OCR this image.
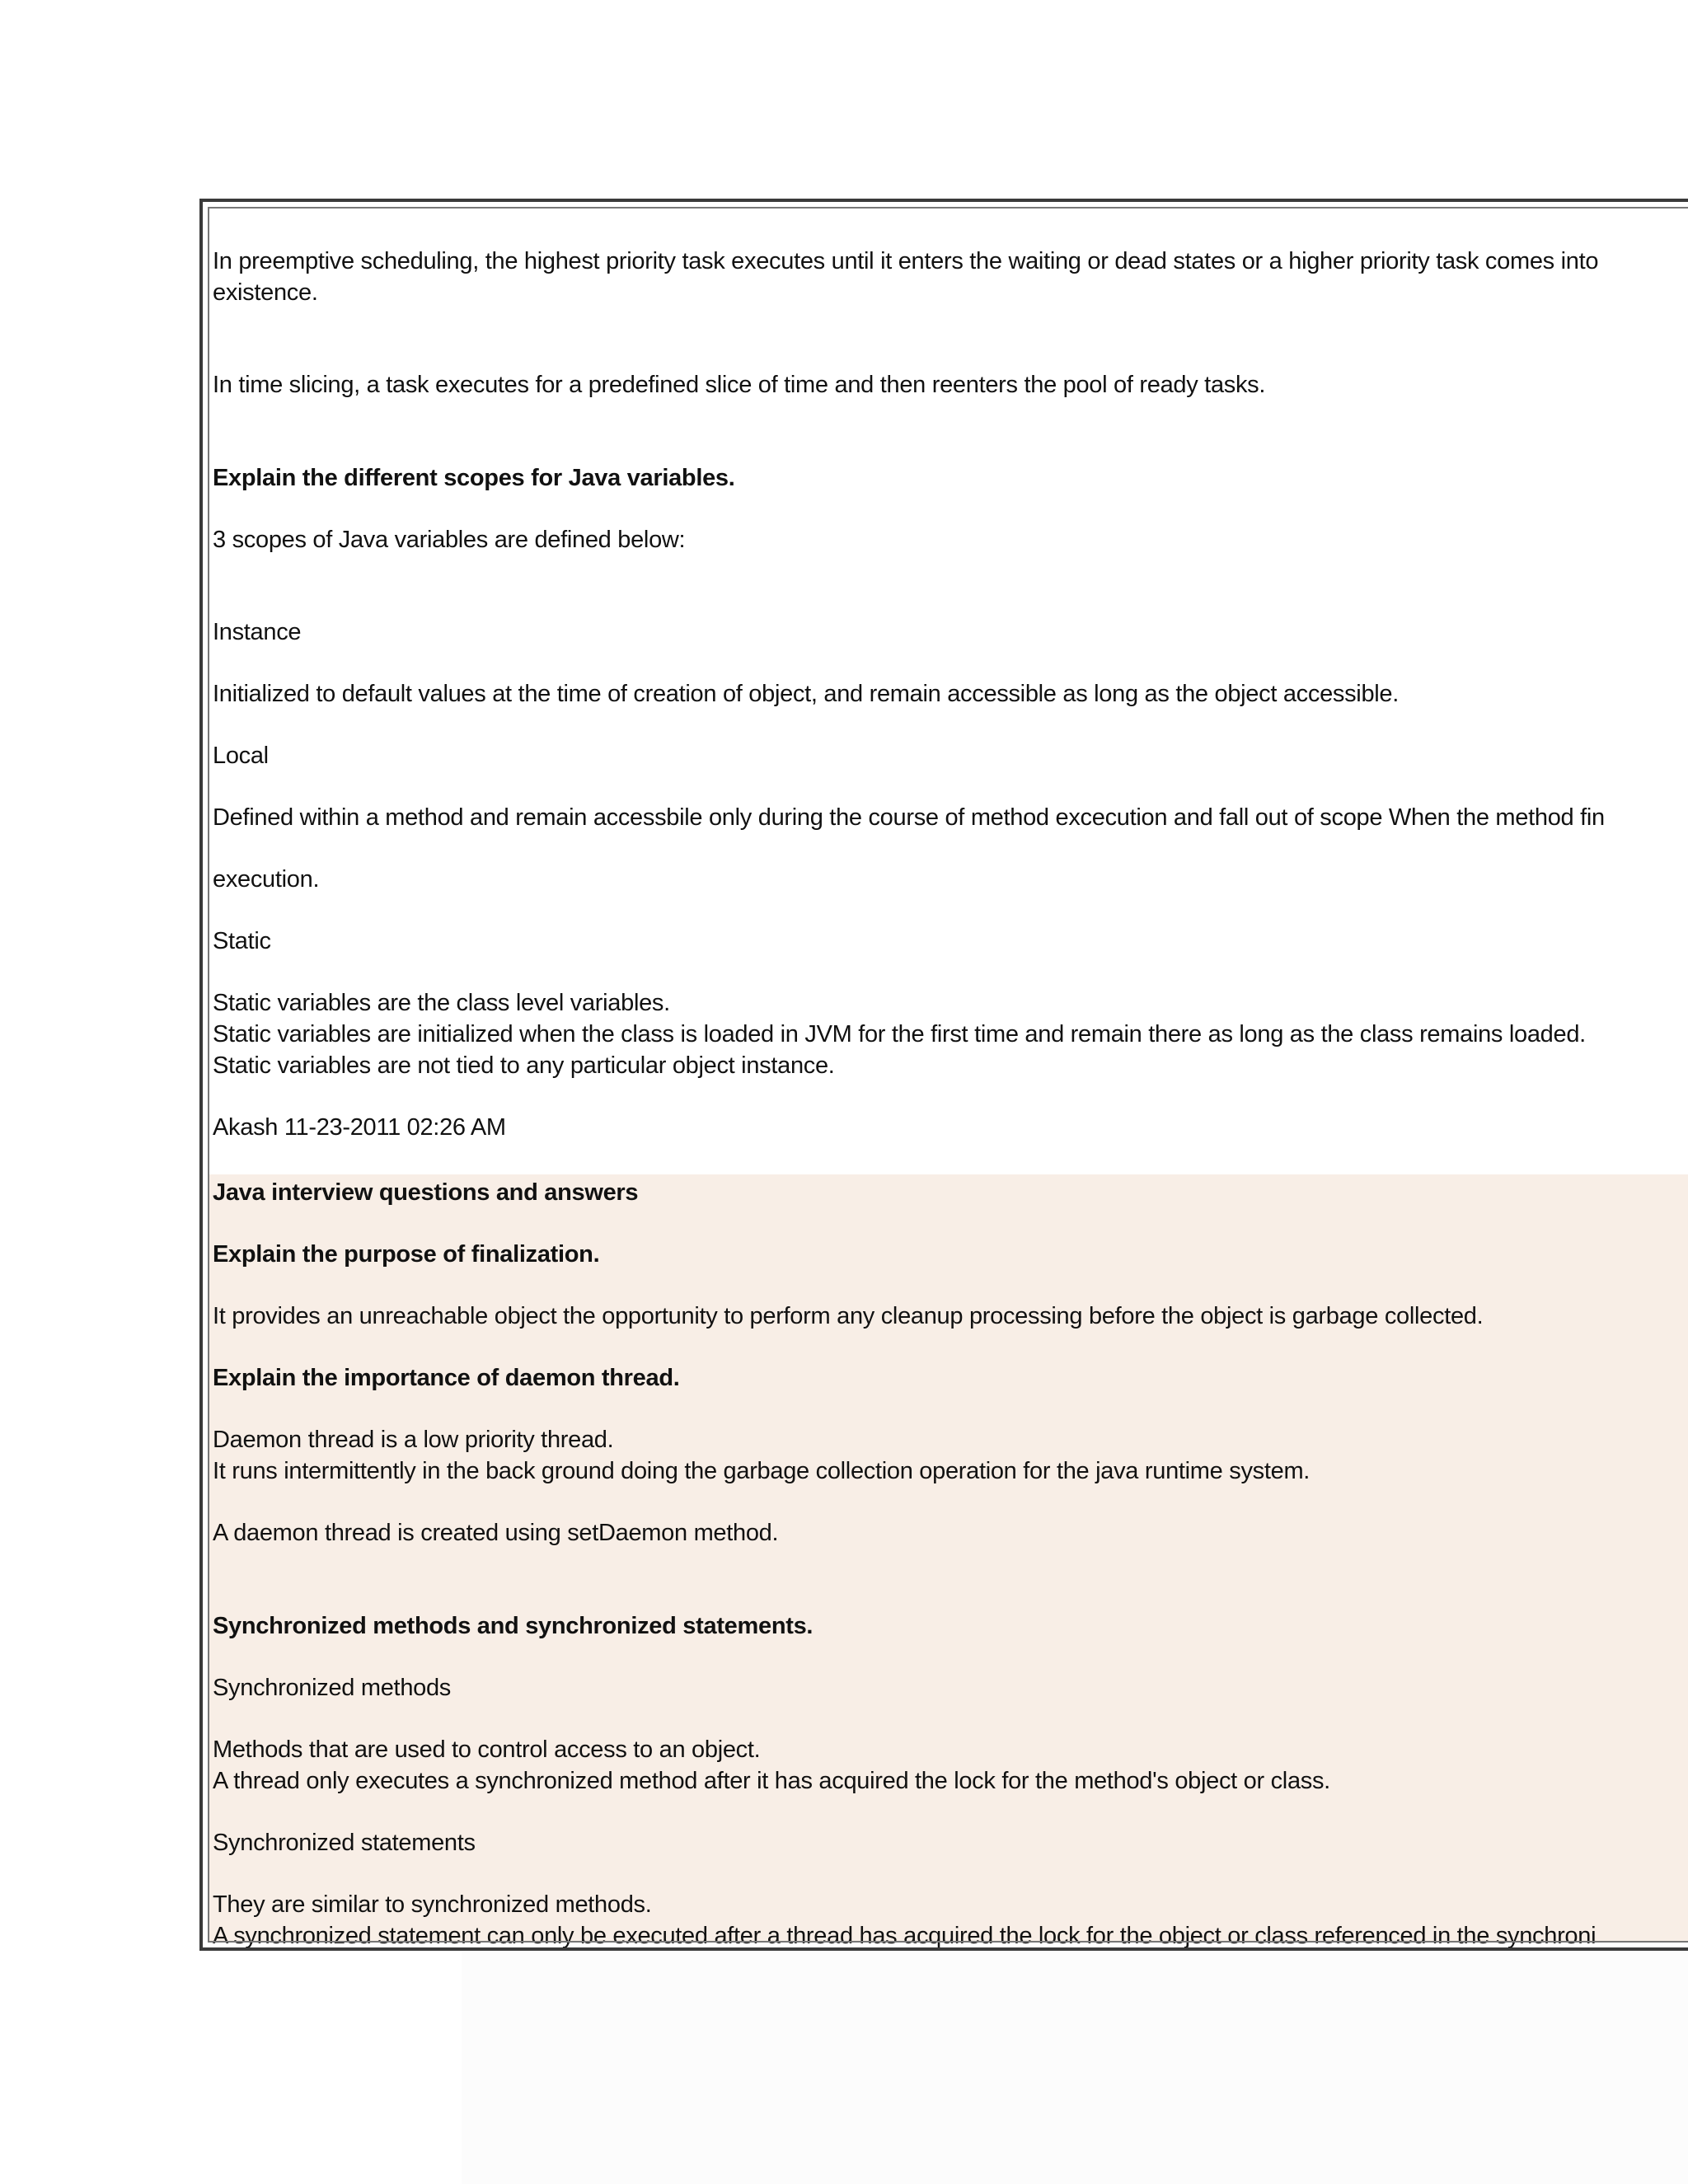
In preemptive scheduling, the highest priority task executes until it enters the waiting or dead states or a higher priority task comes into
existence.
In time slicing, a task executes for a predefined slice of time and then reenters the pool of ready tasks.
Explain the different scopes for Java variables.
3 scopes of Java variables are defined below:
Instance
Initialized to default values at the time of creation of object, and remain accessible as long as the object accessible.
Local
Defined within a method and remain accessbile only during the course of method excecution and fall out of scope When the method fin
execution.
Static
Static variables are the class level variables.
Static variables are initialized when the class is loaded in JVM for the first time and remain there as long as the class remains loaded.
Static variables are not tied to any particular object instance.
Akash 11-23-2011 02:26 AM
Java interview questions and answers
Explain the purpose of finalization.
It provides an unreachable object the opportunity to perform any cleanup processing before the object is garbage collected.
Explain the importance of daemon thread.
Daemon thread is a low priority thread.
It runs intermittently in the back ground doing the garbage collection operation for the java runtime system.
A daemon thread is created using setDaemon method.
Synchronized methods and synchronized statements.
Synchronized methods
Methods that are used to control access to an object.
A thread only executes a synchronized method after it has acquired the lock for the method's object or class.
Synchronized statements
They are similar to synchronized methods.
A synchronized statement can only be executed after a thread has acquired the lock for the object or class referenced in the synchroni
